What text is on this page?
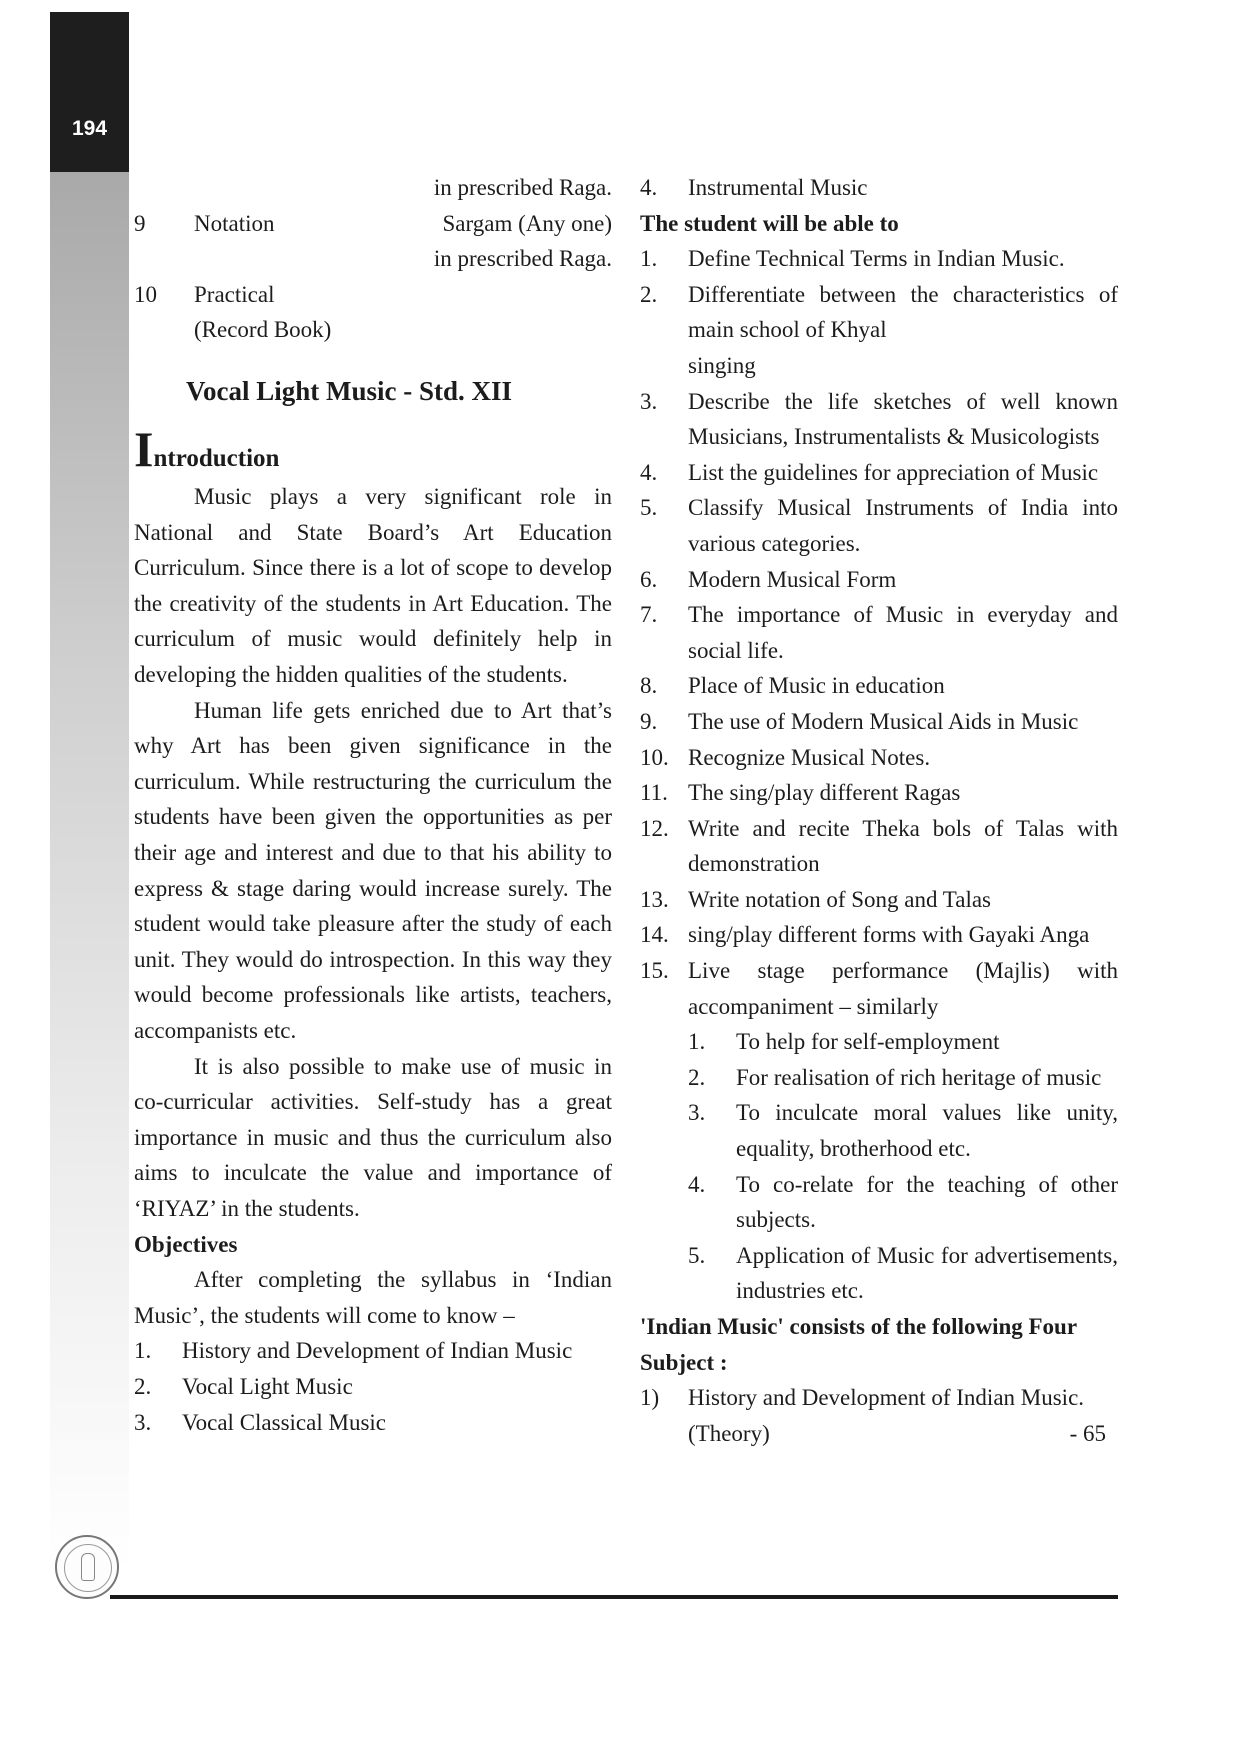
194
in prescribed Raga.
9	Notation	Sargam (Any one)
in prescribed Raga.
10	Practical
(Record Book)
Vocal Light Music - Std. XII
Introduction

Music plays a very significant role in National and State Board’s Art Education Curriculum. Since there is a lot of scope to develop the creativity of the students in Art Education. The curriculum of music would definitely help in developing the hidden qualities of the students.

Human life gets enriched due to Art that’s why Art has been given significance in the curriculum. While restructuring the curriculum the students have been given the opportunities as per their age and interest and due to that his ability to express & stage daring would increase surely. The student would take pleasure after the study of each unit. They would do introspection. In this way they would become professionals like artists, teachers, accompanists etc.

It is also possible to make use of music in co-curricular activities. Self-study has a great importance in music and thus the curriculum also aims to inculcate the value and importance of ‘RIYAZ’ in the students.

Objectives

After completing the syllabus in ‘Indian Music’, the students will come to know –

1.	History and Development of Indian Music
2.	Vocal Light Music
3.	Vocal Classical Music
4.	Instrumental Music
The student will be able to
1.	Define Technical Terms in Indian Music.
2.	Differentiate between the characteristics of main school of Khyal
singing
3.	Describe the life sketches of well known Musicians, Instrumentalists & Musicologists
4.	List the guidelines for appreciation of Music
5.	Classify Musical Instruments of India into various categories.
6.	Modern Musical Form
7.	The importance of Music in everyday and social life.
8.	Place of Music in education
9.	The use of Modern Musical Aids in Music
10. Recognize Musical Notes.
11. The sing/play different Ragas
12. Write and recite Theka bols of Talas with demonstration
13. Write notation of Song and Talas
14. sing/play different forms with Gayaki Anga
15. Live stage performance (Majlis) with accompaniment – similarly
1.	To help for self-employment
2.	For realisation of rich heritage of music
3.	To inculcate moral values like unity, equality, brotherhood etc.
4.	To co-relate for the teaching of other subjects.
5.	Application of Music for advertisements, industries etc.
'Indian Music' consists of the following Four Subject :
1)	History and Development of Indian Music.
(Theory)	- 65
